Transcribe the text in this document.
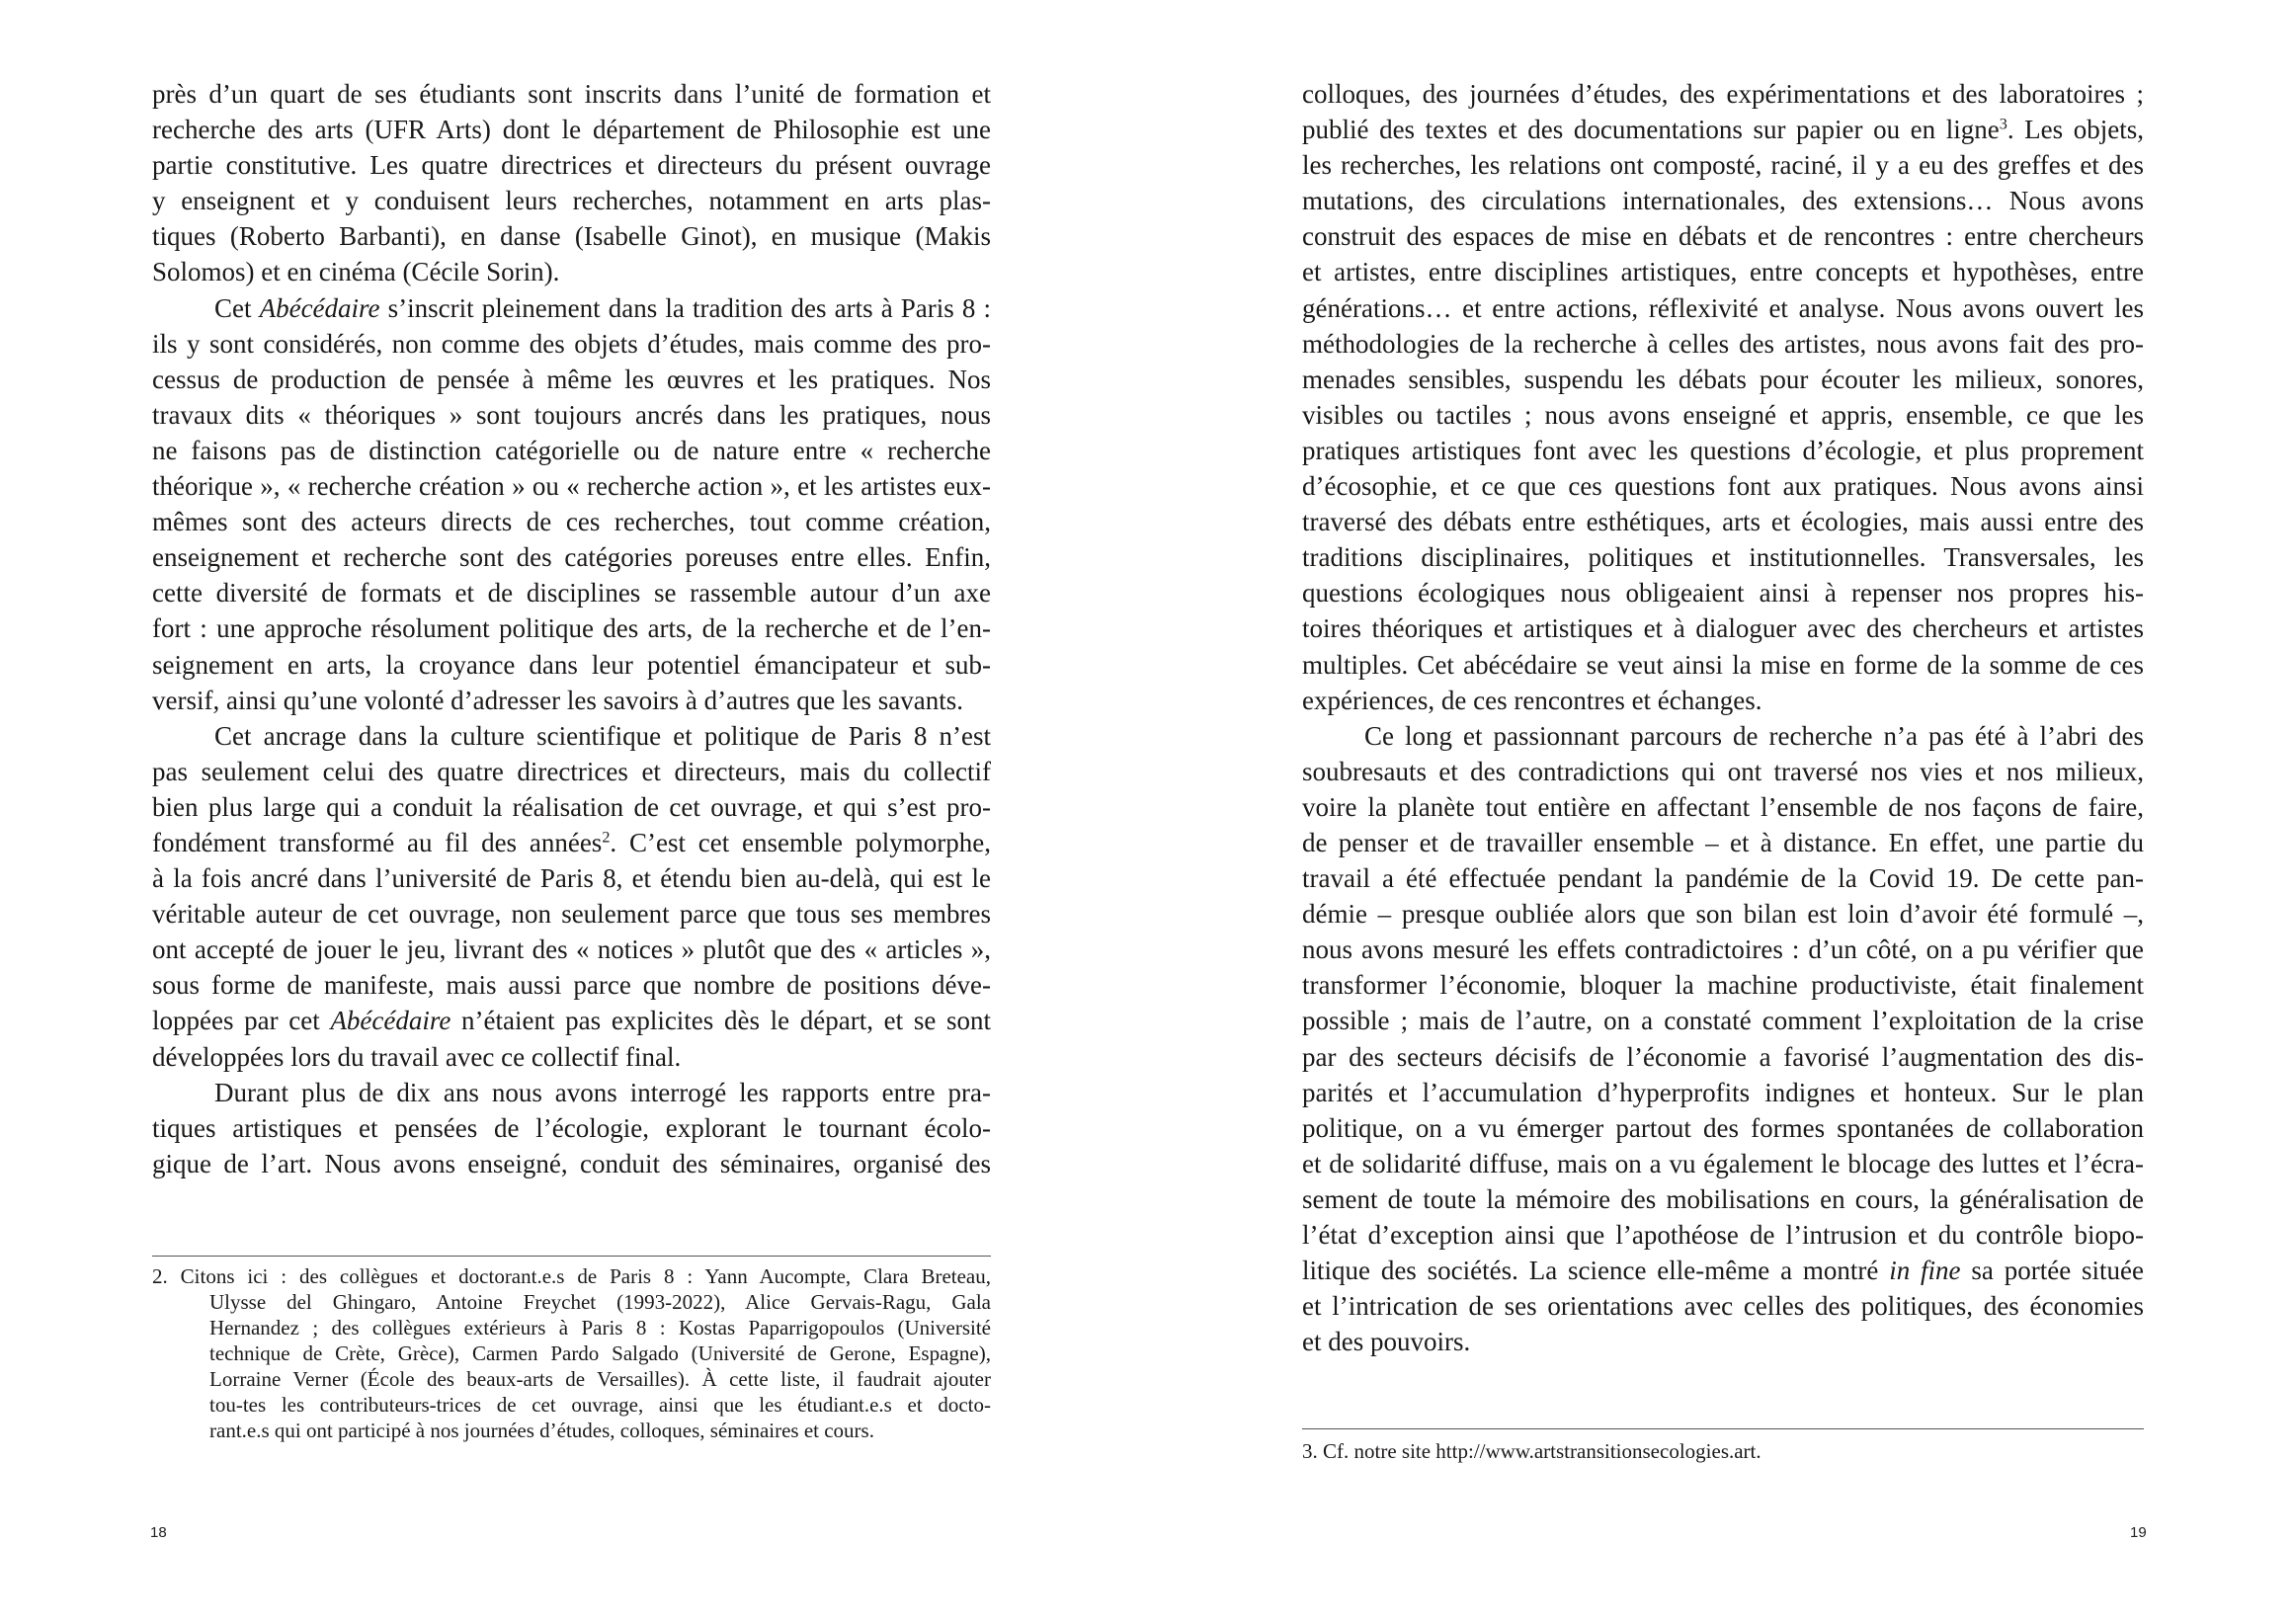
près d’un quart de ses étudiants sont inscrits dans l’unité de formation et
recherche des arts (UFR Arts) dont le département de Philosophie est une
partie constitutive. Les quatre directrices et directeurs du présent ouvrage
y enseignent et y conduisent leurs recherches, notamment en arts plas-
tiques (Roberto Barbanti), en danse (Isabelle Ginot), en musique (Makis
Solomos) et en cinéma (Cécile Sorin).
Cet Abécédaire s’inscrit pleinement dans la tradition des arts à Paris 8 :
ils y sont considérés, non comme des objets d’études, mais comme des pro-
cessus de production de pensée à même les œuvres et les pratiques. Nos
travaux dits « théoriques » sont toujours ancrés dans les pratiques, nous
ne faisons pas de distinction catégorielle ou de nature entre « recherche
théorique », « recherche création » ou « recherche action », et les artistes eux-
mêmes sont des acteurs directs de ces recherches, tout comme création,
enseignement et recherche sont des catégories poreuses entre elles. Enfin,
cette diversité de formats et de disciplines se rassemble autour d’un axe
fort : une approche résolument politique des arts, de la recherche et de l’en-
seignement en arts, la croyance dans leur potentiel émancipateur et sub-
versif, ainsi qu’une volonté d’adresser les savoirs à d’autres que les savants.
Cet ancrage dans la culture scientifique et politique de Paris 8 n’est
pas seulement celui des quatre directrices et directeurs, mais du collectif
bien plus large qui a conduit la réalisation de cet ouvrage, et qui s’est pro-
fondément transformé au fil des années$^2$. C’est cet ensemble polymorphe,
à la fois ancré dans l’université de Paris 8, et étendu bien au-delà, qui est le
véritable auteur de cet ouvrage, non seulement parce que tous ses membres
ont accepté de jouer le jeu, livrant des « notices » plutôt que des « articles »,
sous forme de manifeste, mais aussi parce que nombre de positions déve-
loppées par cet Abécédaire n’étaient pas explicites dès le départ, et se sont
développées lors du travail avec ce collectif final.
Durant plus de dix ans nous avons interrogé les rapports entre pra-
tiques artistiques et pensées de l’écologie, explorant le tournant écolo-
gique de l’art. Nous avons enseigné, conduit des séminaires, organisé des
2. Citons ici : des collègues et doctorant.e.s de Paris 8 : Yann Aucompte, Clara Breteau,
Ulysse del Ghingaro, Antoine Freychet (1993-2022), Alice Gervais-Ragu, Gala
Hernandez ; des collègues extérieurs à Paris 8 : Kostas Paparrigopoulos (Université
technique de Crète, Grèce), Carmen Pardo Salgado (Université de Gerone, Espagne),
Lorraine Verner (École des beaux-arts de Versailles). À cette liste, il faudrait ajouter
tou-tes les contributeurs-trices de cet ouvrage, ainsi que les étudiant.e.s et docto-
rant.e.s qui ont participé à nos journées d’études, colloques, séminaires et cours.
18
colloques, des journées d’études, des expérimentations et des laboratoires ;
publié des textes et des documentations sur papier ou en ligne$^3$. Les objets,
les recherches, les relations ont composté, raciné, il y a eu des greffes et des
mutations, des circulations internationales, des extensions… Nous avons
construit des espaces de mise en débats et de rencontres : entre chercheurs
et artistes, entre disciplines artistiques, entre concepts et hypothèses, entre
générations… et entre actions, réflexivité et analyse. Nous avons ouvert les
méthodologies de la recherche à celles des artistes, nous avons fait des pro-
menades sensibles, suspendu les débats pour écouter les milieux, sonores,
visibles ou tactiles ; nous avons enseigné et appris, ensemble, ce que les
pratiques artistiques font avec les questions d’écologie, et plus proprement
d’écosophie, et ce que ces questions font aux pratiques. Nous avons ainsi
traversé des débats entre esthétiques, arts et écologies, mais aussi entre des
traditions disciplinaires, politiques et institutionnelles. Transversales, les
questions écologiques nous obligeaient ainsi à repenser nos propres his-
toires théoriques et artistiques et à dialoguer avec des chercheurs et artistes
multiples. Cet abécédaire se veut ainsi la mise en forme de la somme de ces
expériences, de ces rencontres et échanges.
Ce long et passionnant parcours de recherche n’a pas été à l’abri des
soubresauts et des contradictions qui ont traversé nos vies et nos milieux,
voire la planète tout entière en affectant l’ensemble de nos façons de faire,
de penser et de travailler ensemble – et à distance. En effet, une partie du
travail a été effectuée pendant la pandémie de la Covid 19. De cette pan-
démie – presque oubliée alors que son bilan est loin d’avoir été formulé –,
nous avons mesuré les effets contradictoires : d’un côté, on a pu vérifier que
transformer l’économie, bloquer la machine productiviste, était finalement
possible ; mais de l’autre, on a constaté comment l’exploitation de la crise
par des secteurs décisifs de l’économie a favorisé l’augmentation des dis-
parités et l’accumulation d’hyperprofits indignes et honteux. Sur le plan
politique, on a vu émerger partout des formes spontanées de collaboration
et de solidarité diffuse, mais on a vu également le blocage des luttes et l’écra-
sement de toute la mémoire des mobilisations en cours, la généralisation de
l’état d’exception ainsi que l’apothéose de l’intrusion et du contrôle biopo-
litique des sociétés. La science elle-même a montré in fine sa portée située
et l’intrication de ses orientations avec celles des politiques, des économies
et des pouvoirs.
3. Cf. notre site http://www.artstransitionsecologies.art.
19
